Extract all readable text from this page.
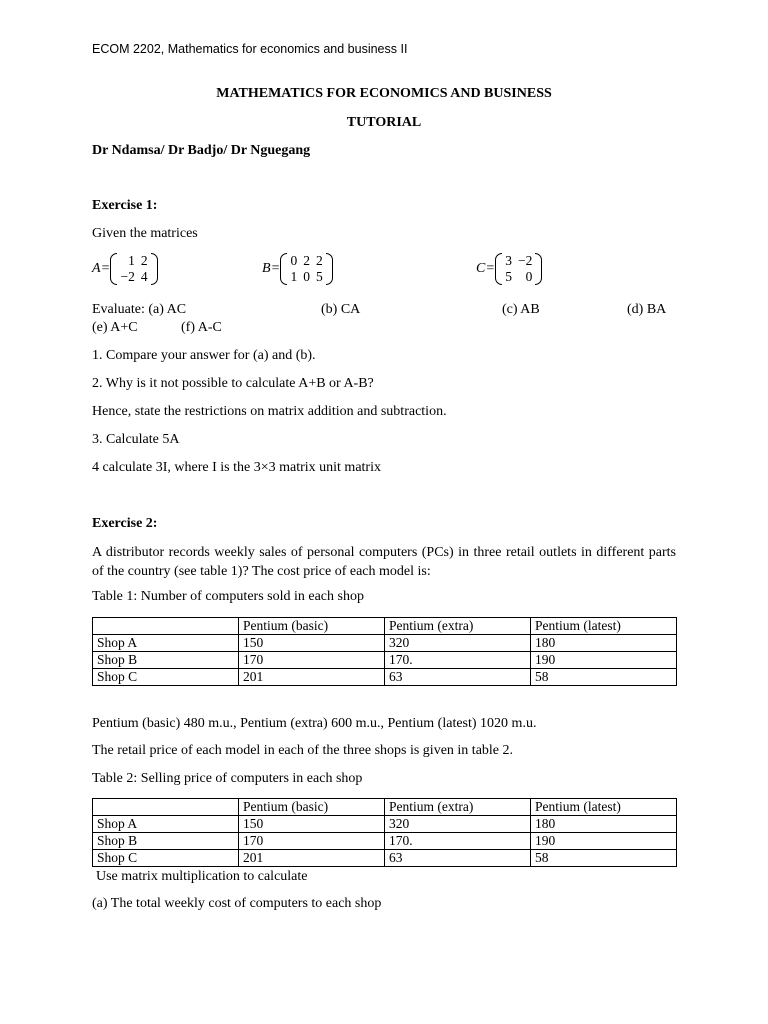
ECOM 2202, Mathematics for economics and business II
MATHEMATICS FOR ECONOMICS AND BUSINESS
TUTORIAL
Dr Ndamsa/ Dr Badjo/ Dr Nguegang
Exercise 1:
Given the matrices
A =
1	2
−2	4
B =
0	2	2
1	0	5
C =
3	−2
5	0
Evaluate: (a) AC	(b) CA	(c) AB	(d) BA
(e) A+C	(f) A-C
1. Compare your answer for (a) and (b).
2. Why is it not possible to calculate A+B or A-B?
Hence, state the restrictions on matrix addition and subtraction.
3. Calculate 5A
4 calculate 3I, where I is the 3×3 matrix unit matrix
Exercise 2:
A distributor records weekly sales of personal computers (PCs) in three retail outlets in different parts of the country (see table 1)? The cost price of each model is:
Table 1: Number of computers sold in each shop
	Pentium (basic)	Pentium (extra)	Pentium (latest)
Shop A	150	320	180
Shop B	170	170.	190
Shop C	201	63	58
Pentium (basic) 480 m.u., Pentium (extra) 600 m.u., Pentium (latest) 1020 m.u.
The retail price of each model in each of the three shops is given in table 2.
Table 2: Selling price of computers in each shop
	Pentium (basic)	Pentium (extra)	Pentium (latest)
Shop A	150	320	180
Shop B	170	170.	190
Shop C	201	63	58
Use matrix multiplication to calculate
(a) The total weekly cost of computers to each shop
